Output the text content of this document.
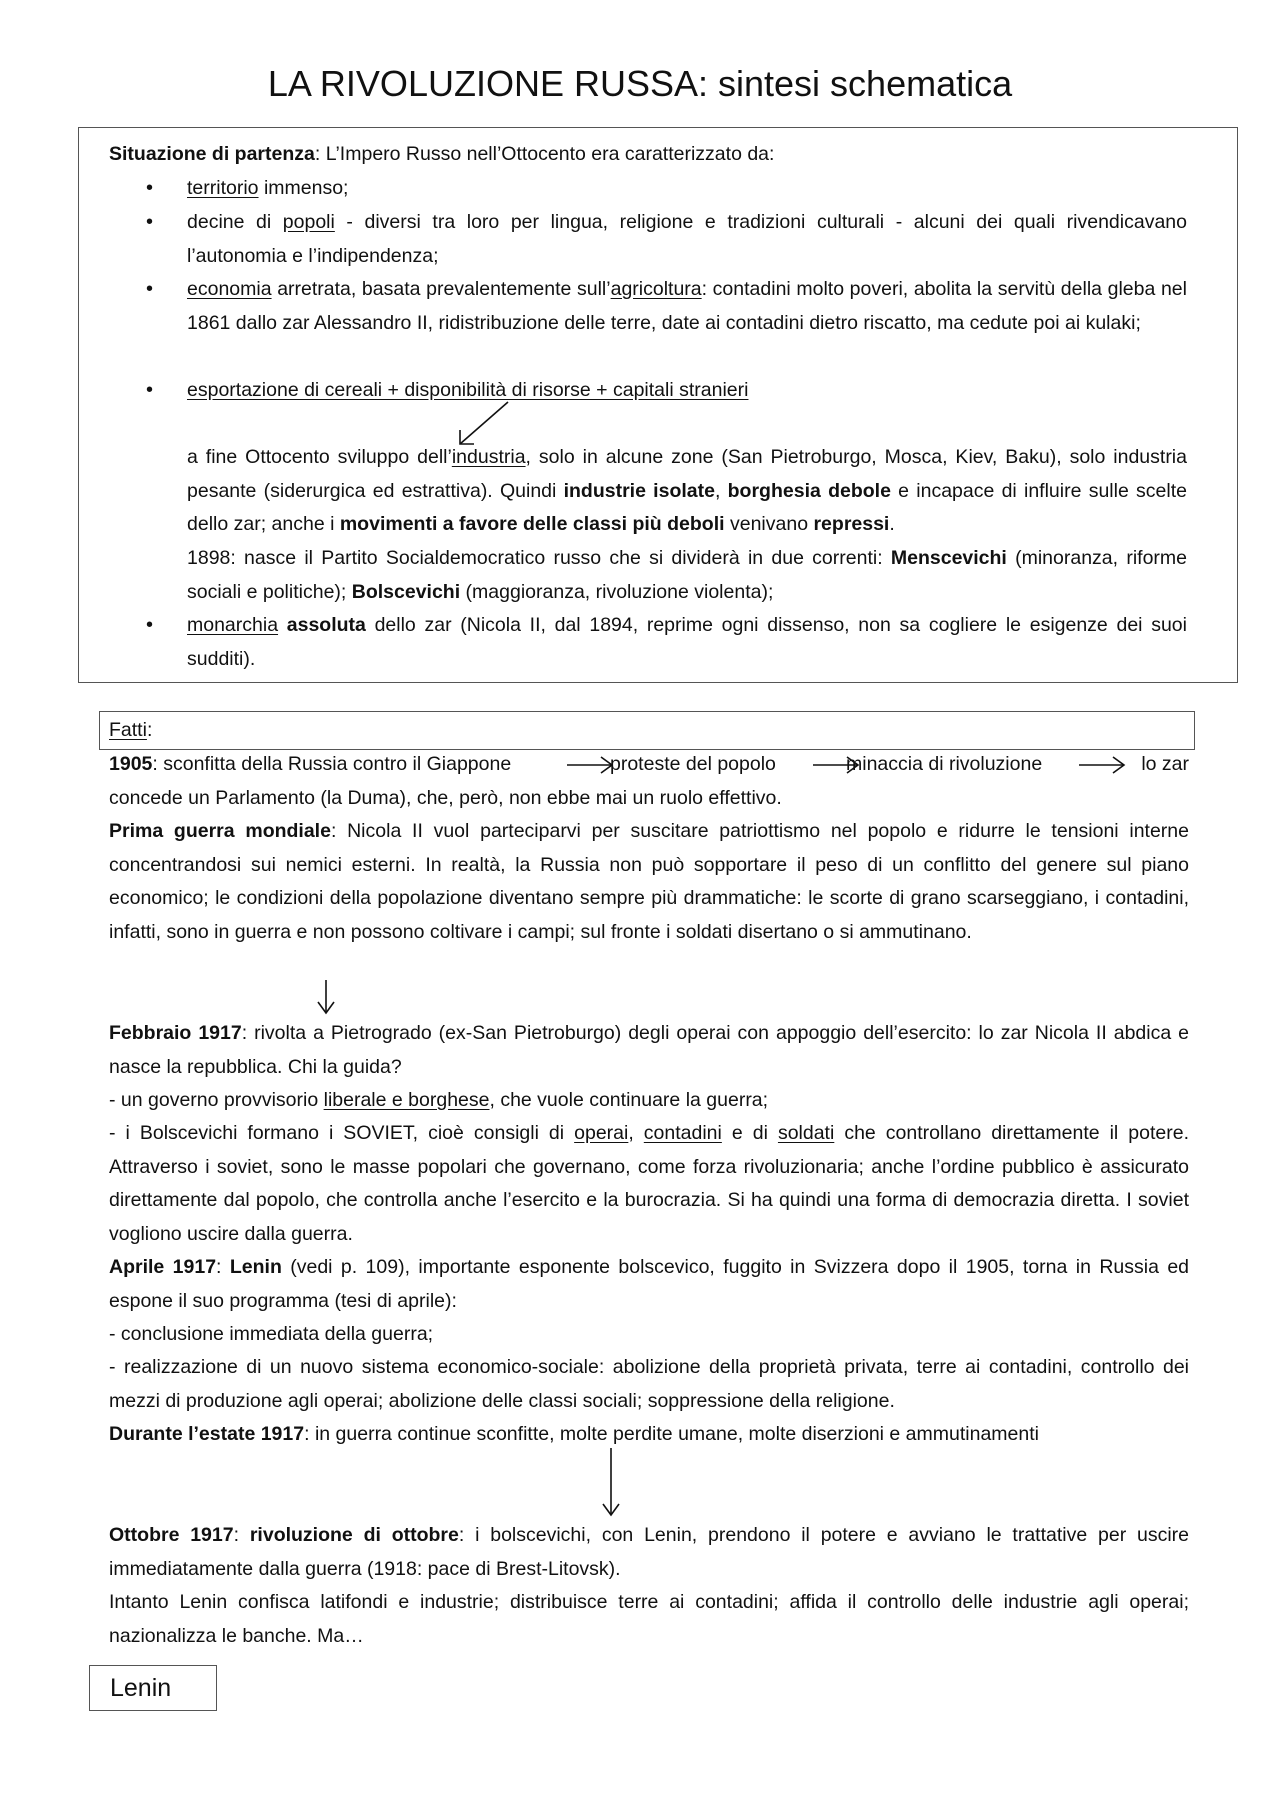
LA RIVOLUZIONE RUSSA: sintesi schematica

Situazione di partenza: L’Impero Russo nell’Ottocento era caratterizzato da:

• territorio immenso;

• decine di popoli - diversi tra loro per lingua, religione e tradizioni culturali - alcuni dei quali rivendicavano l’autonomia e l’indipendenza;

• economia arretrata, basata prevalentemente sull’agricoltura: contadini molto poveri, abolita la servitù della gleba nel 1861 dallo zar Alessandro II, ridistribuzione delle terre, date ai contadini dietro riscatto, ma cedute poi ai kulaki;

• esportazione di cereali + disponibilità di risorse + capitali stranieri

a fine Ottocento sviluppo dell’industria, solo in alcune zone (San Pietroburgo, Mosca, Kiev, Baku), solo industria pesante (siderurgica ed estrattiva). Quindi industrie isolate, borghesia debole e incapace di influire sulle scelte dello zar; anche i movimenti a favore delle classi più deboli venivano repressi.

1898: nasce il Partito Socialdemocratico russo che si dividerà in due correnti: Menscevichi (minoranza, riforme sociali e politiche); Bolscevichi (maggioranza, rivoluzione violenta);

• monarchia assoluta dello zar (Nicola II, dal 1894, reprime ogni dissenso, non sa cogliere le esigenze dei suoi sudditi).

Fatti:

1905: sconfitta della Russia contro il Giappone	proteste del popolo	minaccia di rivoluzione	lo zar

concede un Parlamento (la Duma), che, però, non ebbe mai un ruolo effettivo.

Prima guerra mondiale: Nicola II vuol parteciparvi per suscitare patriottismo nel popolo e ridurre le tensioni interne concentrandosi sui nemici esterni. In realtà, la Russia non può sopportare il peso di un conflitto del genere sul piano economico; le condizioni della popolazione diventano sempre più drammatiche: le scorte di grano scarseggiano, i contadini, infatti, sono in guerra e non possono coltivare i campi; sul fronte i soldati disertano o si ammutinano.

Febbraio 1917: rivolta a Pietrogrado (ex-San Pietroburgo) degli operai con appoggio dell’esercito: lo zar Nicola II abdica e nasce la repubblica. Chi la guida?

- un governo provvisorio liberale e borghese, che vuole continuare la guerra;

- i Bolscevichi formano i SOVIET, cioè consigli di operai, contadini e di soldati che controllano direttamente il potere. Attraverso i soviet, sono le masse popolari che governano, come forza rivoluzionaria; anche l’ordine pubblico è assicurato direttamente dal popolo, che controlla anche l’esercito e la burocrazia. Si ha quindi una forma di democrazia diretta. I soviet vogliono uscire dalla guerra.

Aprile 1917: Lenin (vedi p. 109), importante esponente bolscevico, fuggito in Svizzera dopo il 1905, torna in Russia ed espone il suo programma (tesi di aprile):

- conclusione immediata della guerra;

- realizzazione di un nuovo sistema economico-sociale: abolizione della proprietà privata, terre ai contadini, controllo dei mezzi di produzione agli operai; abolizione delle classi sociali; soppressione della religione.

Durante l’estate 1917: in guerra continue sconfitte, molte perdite umane, molte diserzioni e ammutinamenti

Lenin

Ottobre 1917: rivoluzione di ottobre: i bolscevichi, con Lenin, prendono il potere e avviano le trattative per uscire immediatamente dalla guerra (1918: pace di Brest-Litovsk).

Intanto Lenin confisca latifondi e industrie; distribuisce terre ai contadini; affida il controllo delle industrie agli operai; nazionalizza le banche. Ma…
